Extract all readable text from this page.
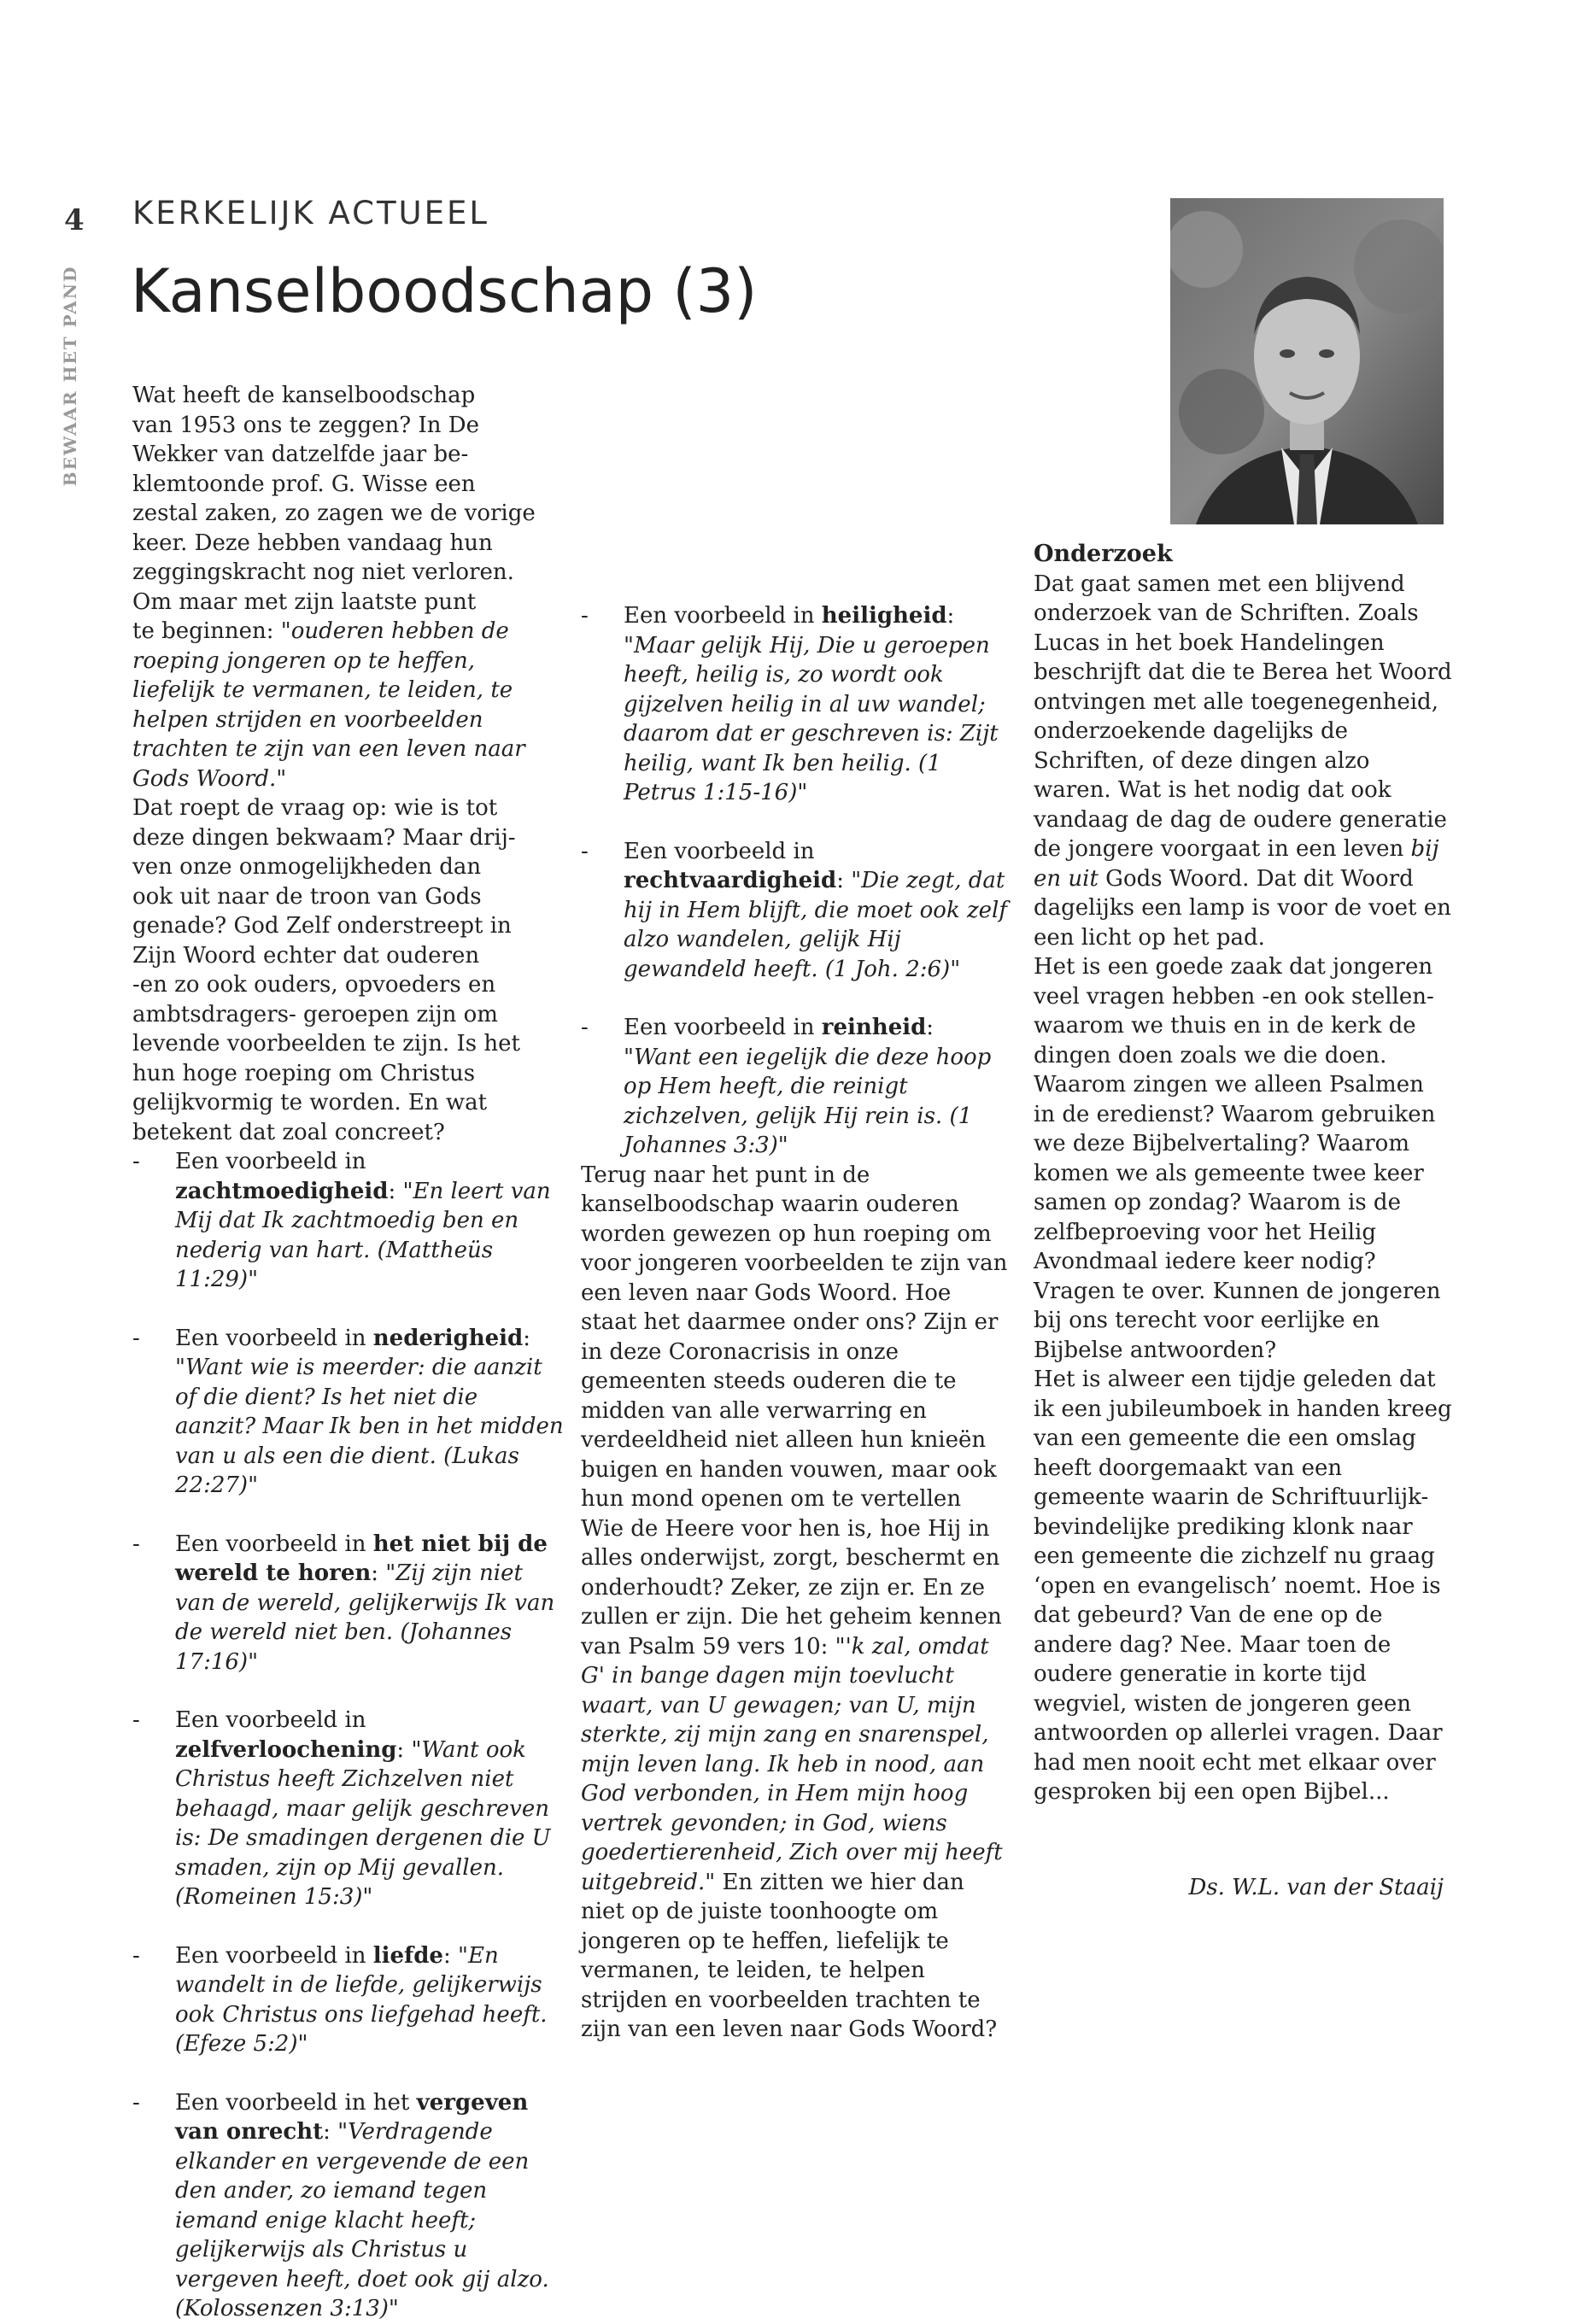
4
BEWAAR HET PAND
KERKELIJK ACTUEEL
Kanselboodschap (3)
Wat heeft de kanselboodschap
van 1953 ons te zeggen? In De
Wekker van datzelfde jaar be-
klemtoonde prof. G. Wisse een
zestal zaken, zo zagen we de vorige
keer. Deze hebben vandaag hun
zeggingskracht nog niet verloren.
Om maar met zijn laatste punt

te beginnen: "ouderen hebben de roeping jongeren op te heffen, liefelijk te vermanen, te leiden, te helpen strijden en voorbeelden trachten te zijn van een leven naar Gods Woord."

Dat roept de vraag op: wie is tot
deze dingen bekwaam? Maar drij-
ven onze onmogelijkheden dan
ook uit naar de troon van Gods
genade? God Zelf onderstreept in
Zijn Woord echter dat ouderen
-en zo ook ouders, opvoeders en
ambtsdragers- geroepen zijn om
levende voorbeelden te zijn. Is het
hun hoge roeping om Christus
gelijkvormig te worden. En wat
betekent dat zoal concreet?
-	Een voorbeeld in zachtmoedigheid: "En leert van Mij dat Ik zachtmoedig ben en nederig van hart. (Mattheüs 11:29)"
-	Een voorbeeld in nederigheid: "Want wie is meerder: die aanzit of die dient? Is het niet die aanzit? Maar Ik ben in het midden van u als een die dient. (Lukas 22:27)"
-	Een voorbeeld in het niet bij de wereld te horen: "Zij zijn niet van de wereld, gelijkerwijs Ik van de wereld niet ben. (Johannes 17:16)"
-	Een voorbeeld in zelfverloochening: "Want ook Christus heeft Zichzelven niet behaagd, maar gelijk geschreven is: De smadingen dergenen die U smaden, zijn op Mij gevallen. (Romeinen 15:3)"
-	Een voorbeeld in liefde: "En wandelt in de liefde, gelijkerwijs ook Christus ons liefgehad heeft. (Efeze 5:2)"
-	Een voorbeeld in het vergeven van onrecht: "Verdragende elkander en vergevende de een den ander, zo iemand tegen iemand enige klacht heeft; gelijkerwijs als Christus u vergeven heeft, doet ook gij alzo. (Kolossenzen 3:13)"
-	Een voorbeeld in heiligheid: "Maar gelijk Hij, Die u geroepen heeft, heilig is, zo wordt ook gijzelven heilig in al uw wandel; daarom dat er geschreven is: Zijt heilig, want Ik ben heilig. (1 Petrus 1:15-16)"
-	Een voorbeeld in rechtvaardigheid: "Die zegt, dat hij in Hem blijft, die moet ook zelf alzo wandelen, gelijk Hij gewandeld heeft. (1 Joh. 2:6)"
-	Een voorbeeld in reinheid: "Want een iegelijk die deze hoop op Hem heeft, die reinigt zichzelven, gelijk Hij rein is. (1 Johannes 3:3)"

Terug naar het punt in de kanselboodschap waarin ouderen worden gewezen op hun roeping om voor jongeren voorbeelden te zijn van een leven naar Gods Woord. Hoe staat het daarmee onder ons? Zijn er in deze Coronacrisis in onze gemeenten steeds ouderen die te midden van alle verwarring en verdeeldheid niet alleen hun knieën buigen en handen vouwen, maar ook hun mond openen om te vertellen Wie de Heere voor hen is, hoe Hij in alles onderwijst, zorgt, beschermt en onderhoudt? Zeker, ze zijn er. En ze zullen er zijn. Die het geheim kennen van Psalm 59 vers 10: "'k zal, omdat G' in bange dagen mijn toevlucht waart, van U gewagen; van U, mijn sterkte, zij mijn zang en snarenspel, mijn leven lang. Ik heb in nood, aan God verbonden, in Hem mijn hoog vertrek gevonden; in God, wiens goedertierenheid, Zich over mij heeft uitgebreid." En zitten we hier dan niet op de juiste toonhoogte om jongeren op te heffen, liefelijk te vermanen, te leiden, te helpen strijden en voorbeelden trachten te zijn van een leven naar Gods Woord?

Onderzoek

Dat gaat samen met een blijvend onderzoek van de Schriften. Zoals Lucas in het boek Handelingen beschrijft dat die te Berea het Woord ontvingen met alle toegenegenheid, onderzoekende dagelijks de Schriften, of deze dingen alzo waren. Wat is het nodig dat ook vandaag de dag de oudere generatie de jongere voorgaat in een leven bij en uit Gods Woord. Dat dit Woord dagelijks een lamp is voor de voet en een licht op het pad.

Het is een goede zaak dat jongeren veel vragen hebben -en ook stellen- waarom we thuis en in de kerk de dingen doen zoals we die doen. Waarom zingen we alleen Psalmen in de eredienst? Waarom gebruiken we deze Bijbelvertaling? Waarom komen we als gemeente twee keer samen op zondag? Waarom is de zelfbeproeving voor het Heilig Avondmaal iedere keer nodig? Vragen te over. Kunnen de jongeren bij ons terecht voor eerlijke en Bijbelse antwoorden?

Het is alweer een tijdje geleden dat ik een jubileumboek in handen kreeg van een gemeente die een omslag heeft doorgemaakt van een gemeente waarin de Schriftuurlijk-bevindelijke prediking klonk naar een gemeente die zichzelf nu graag ‘open en evangelisch’ noemt. Hoe is dat gebeurd? Van de ene op de andere dag? Nee. Maar toen de oudere generatie in korte tijd wegviel, wisten de jongeren geen antwoorden op allerlei vragen. Daar had men nooit echt met elkaar over gesproken bij een open Bijbel...

Ds. W.L. van der Staaij
